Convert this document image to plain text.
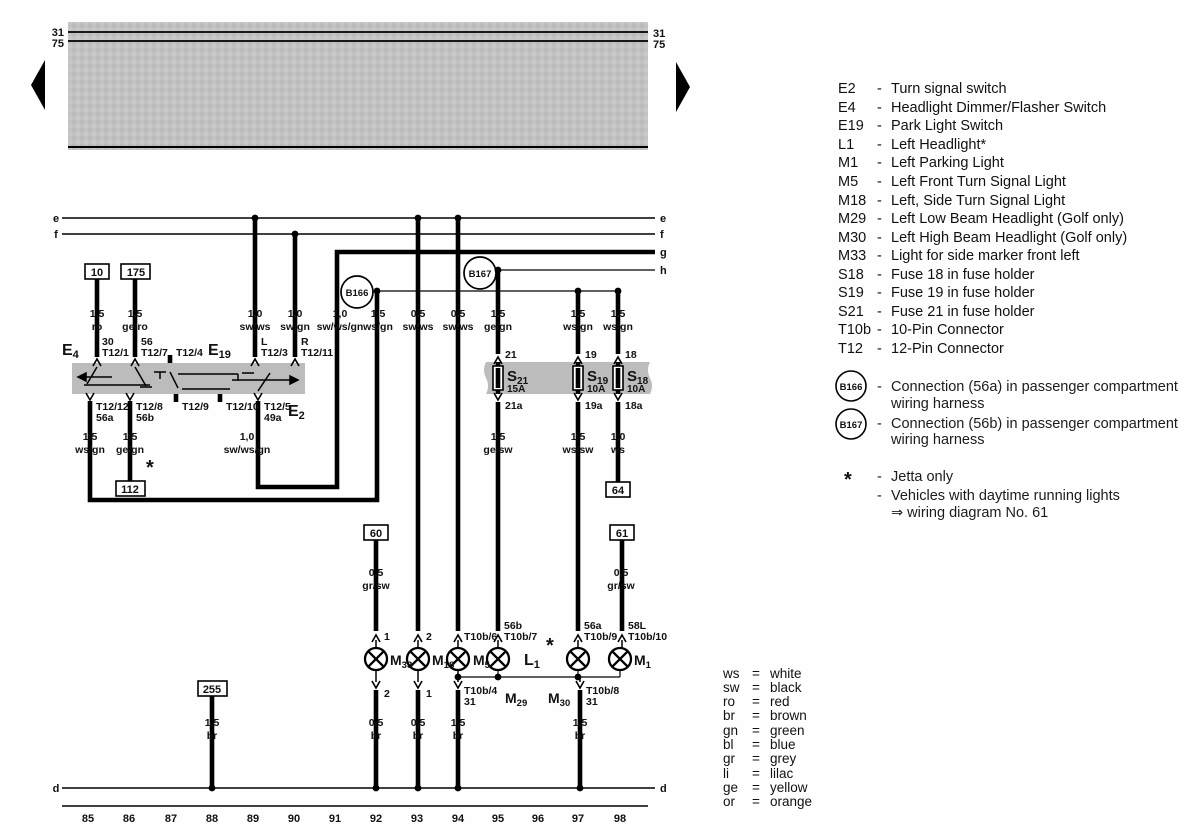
31
75
31
75
e
f
e
f
g
h
d	d
B166
B167
10 175
112
255
60	61
64
$S_{21}$
15A
$S_{19}$
10A
$S_{18}$
10A
E4	E19
E2
$M_{33}$ $M_{18}$ $M_5$	$M_1$
L1
*
$M_{29}$ $M_{30}$
*
30
T12/1
56
T12/7 T12/4
L
T12/3
R
T12/11
T12/12
56a
T12/8
56b
T12/9 T12/10 T12/5
49a
21
21a
19
19a
18
18a
1	2	T10b/6
56b
T10b/7
56a
T10b/9
58L
T10b/10
2	1	T10b/4
31
T10b/8
31
1,5
ro
1,5
ge/ro
1,0
sw/ws
1,0
sw/gn
1,0
sw/ws/gn
1,5
ws/gn
0,5
sw/ws
0,5
sw/ws
1,5
ge/gn
1,5
ws/gn
1,5
ws/gn
1,5
ws/gn
1,5
ge/gn
1,0
sw/ws/gn
1,5
ge/sw
1,5
ws/sw
1,0
ws
0,5
gr/sw
0,5
gr/sw
1,5
br
0,5
br
0,5
br
1,5
br
1,5
br
85	86	87	88	89	90	91	92	93	94	95	96	97	98
E2 - Turn signal switch
E4 - Headlight Dimmer/Flasher Switch
E19 - Park Light Switch
L1 - Left Headlight*
M1 - Left Parking Light
M5 - Left Front Turn Signal Light
M18 - Left, Side Turn Signal Light
M29 - Left Low Beam Headlight (Golf only)
M30 - Left High Beam Headlight (Golf only)
M33 - Light for side marker front left
S18 - Fuse 18 in fuse holder
S19 - Fuse 19 in fuse holder
S21 - Fuse 21 in fuse holder
T10b - 10-Pin Connector
T12 - 12-Pin Connector
B166 - Connection (56a) in passenger compartment
wiring harness
B167 - Connection (56b) in passenger compartment
wiring harness
* - Jetta only
- Vehicles with daytime running lights
⇒ wiring diagram No. 61
ws = white
sw = black
ro = red
br = brown
gn = green
bl = blue
gr = grey
li = lilac
ge = yellow
or = orange
